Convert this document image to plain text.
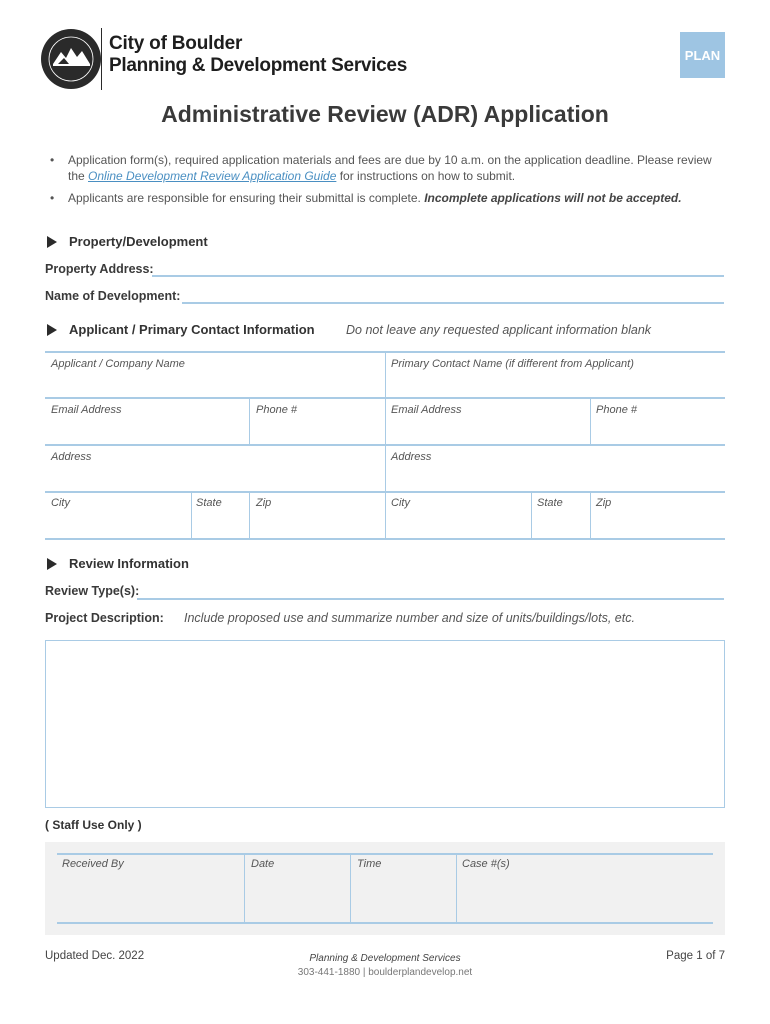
City of Boulder
Planning & Development Services	PLAN
Administrative Review (ADR) Application
• Application form(s), required application materials and fees are due by 10 a.m. on the application deadline. Please review the Online Development Review Application Guide for instructions on how to submit.
• Applicants are responsible for ensuring their submittal is complete. Incomplete applications will not be accepted.
Property/Development
Property Address:
Name of Development:
Applicant / Primary Contact Information	Do not leave any requested applicant information blank
Applicant / Company Name	Primary Contact Name (if different from Applicant)
Email Address	Phone #	Email Address	Phone #
Address	Address
City	State	Zip	City	State	Zip
Review Information
Review Type(s):
Project Description: Include proposed use and summarize number and size of units/buildings/lots, etc.
( Staff Use Only )
Received By	Date	Time	Case #(s)
Updated Dec. 2022	Planning & Development Services
303-441-1880 | boulderplandevelop.net
Page 1 of 7
